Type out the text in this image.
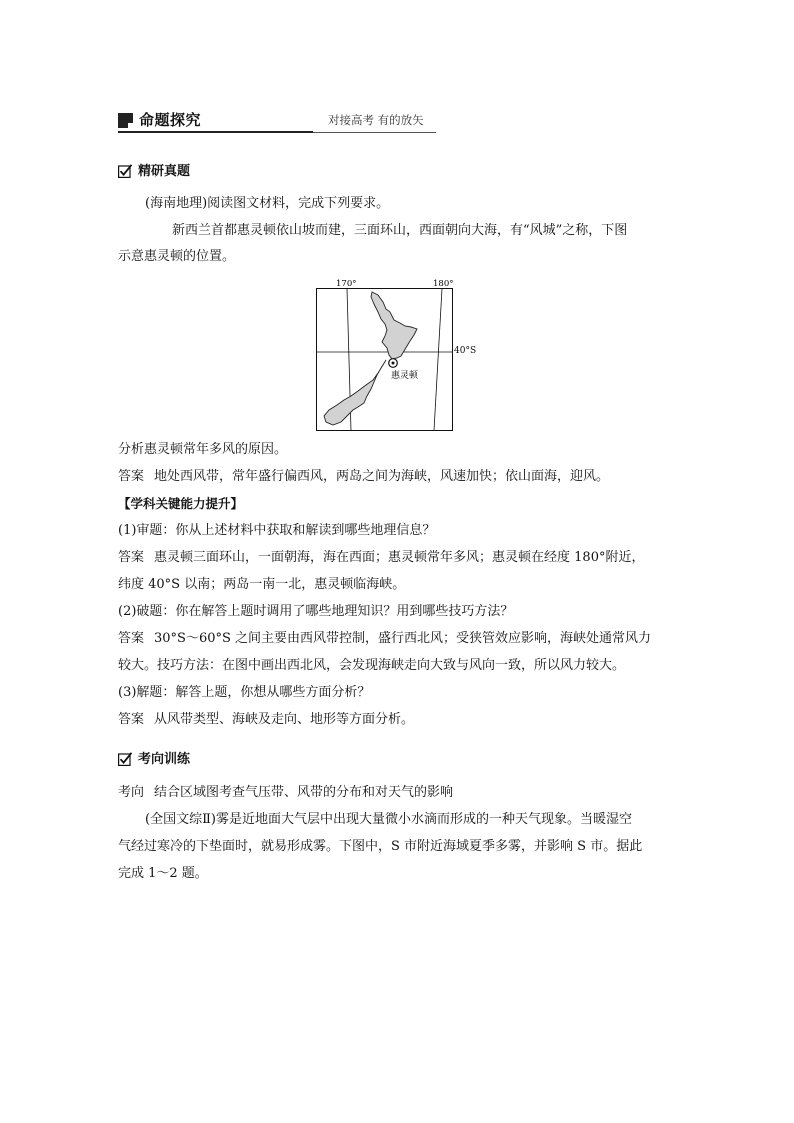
命题探究	对接高考 有的放矢
精研真题
(海南地理)阅读图文材料，完成下列要求。
新西兰首都惠灵顿依山坡而建，三面环山，西面朝向大海，有“风城”之称，下图
示意惠灵顿的位置。
170°	180°
惠灵顿
40°S
分析惠灵顿常年多风的原因。
答案 地处西风带，常年盛行偏西风，两岛之间为海峡，风速加快；依山面海，迎风。
【学科关键能力提升】
(1)审题：你从上述材料中获取和解读到哪些地理信息？
答案 惠灵顿三面环山，一面朝海，海在西面；惠灵顿常年多风；惠灵顿在经度 180°附近，
纬度 40°S 以南；两岛一南一北，惠灵顿临海峡。
(2)破题：你在解答上题时调用了哪些地理知识？用到哪些技巧方法？
答案 30°S～60°S 之间主要由西风带控制，盛行西北风；受狭管效应影响，海峡处通常风力
较大。技巧方法：在图中画出西北风，会发现海峡走向大致与风向一致，所以风力较大。
(3)解题：解答上题，你想从哪些方面分析？
答案 从风带类型、海峡及走向、地形等方面分析。
考向训练
考向 结合区域图考查气压带、风带的分布和对天气的影响
(全国文综Ⅱ)雾是近地面大气层中出现大量微小水滴而形成的一种天气现象。当暖湿空
气经过寒冷的下垫面时，就易形成雾。下图中，S 市附近海域夏季多雾，并影响 S 市。据此
完成 1～2 题。
